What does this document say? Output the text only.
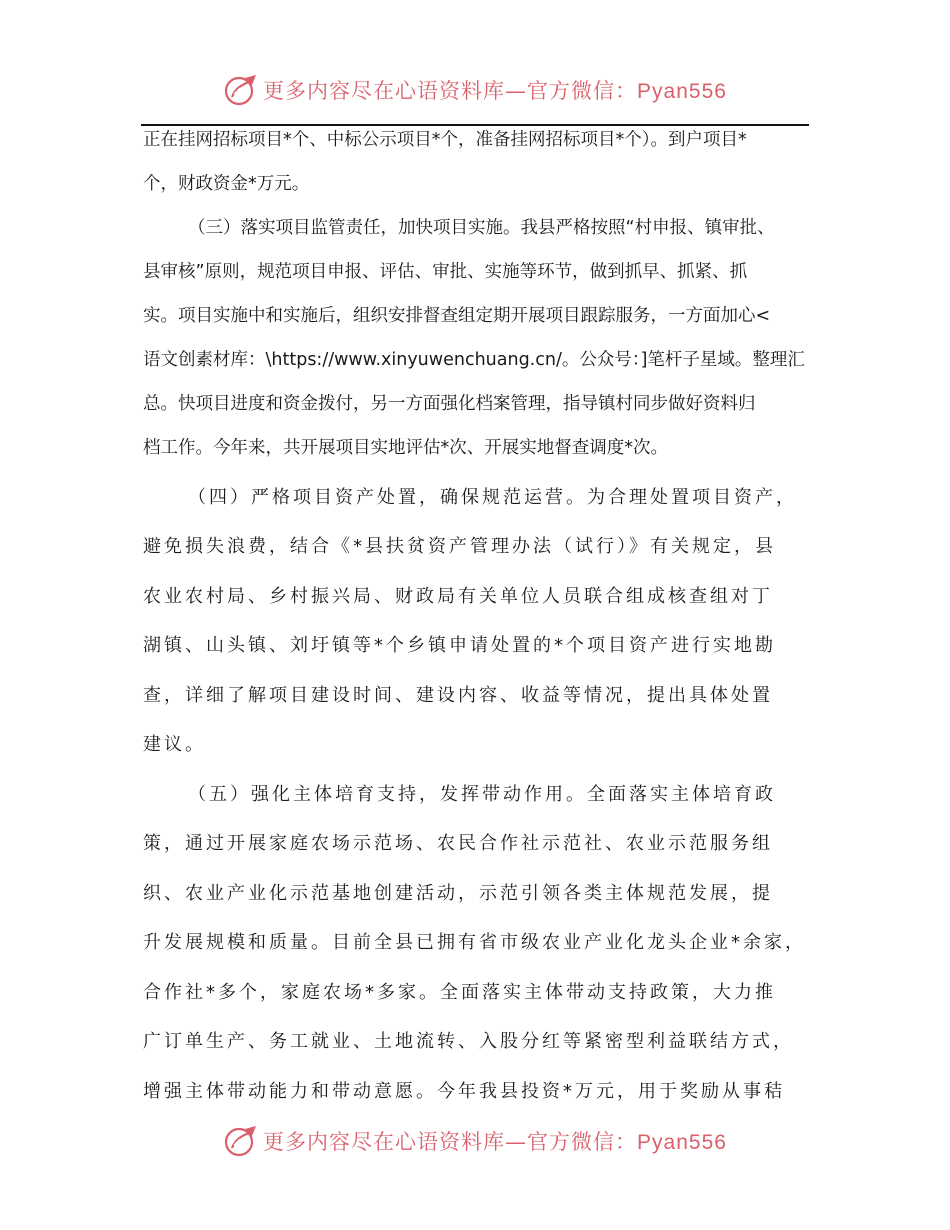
更多内容尽在心语资料库—官方微信：Pyan556
正在挂网招标项目*个、中标公示项目*个，准备挂网招标项目*个）。到户项目*
个，财政资金*万元。
（三）落实项目监管责任，加快项目实施。我县严格按照“村申报、镇审批、
县审核”原则，规范项目申报、评估、审批、实施等环节，做到抓早、抓紧、抓
实。项目实施中和实施后，组织安排督查组定期开展项目跟踪服务，一方面加心<
语文创素材库：\https://www.xinyuwenchuang.cn/。公众号：]笔杆子星域。整理汇
总。快项目进度和资金拨付，另一方面强化档案管理，指导镇村同步做好资料归
档工作。今年来，共开展项目实地评估*次、开展实地督查调度*次。
（四）严格项目资产处置，确保规范运营。为合理处置项目资产，
避免损失浪费，结合《*县扶贫资产管理办法（试行）》有关规定，县
农业农村局、乡村振兴局、财政局有关单位人员联合组成核查组对丁
湖镇、山头镇、刘圩镇等*个乡镇申请处置的*个项目资产进行实地勘
查，详细了解项目建设时间、建设内容、收益等情况，提出具体处置
建议。
（五）强化主体培育支持，发挥带动作用。全面落实主体培育政
策，通过开展家庭农场示范场、农民合作社示范社、农业示范服务组
织、农业产业化示范基地创建活动，示范引领各类主体规范发展，提
升发展规模和质量。目前全县已拥有省市级农业产业化龙头企业*余家，
合作社*多个，家庭农场*多家。全面落实主体带动支持政策，大力推
广订单生产、务工就业、土地流转、入股分红等紧密型利益联结方式，
增强主体带动能力和带动意愿。今年我县投资*万元，用于奖励从事秸
更多内容尽在心语资料库—官方微信：Pyan556
